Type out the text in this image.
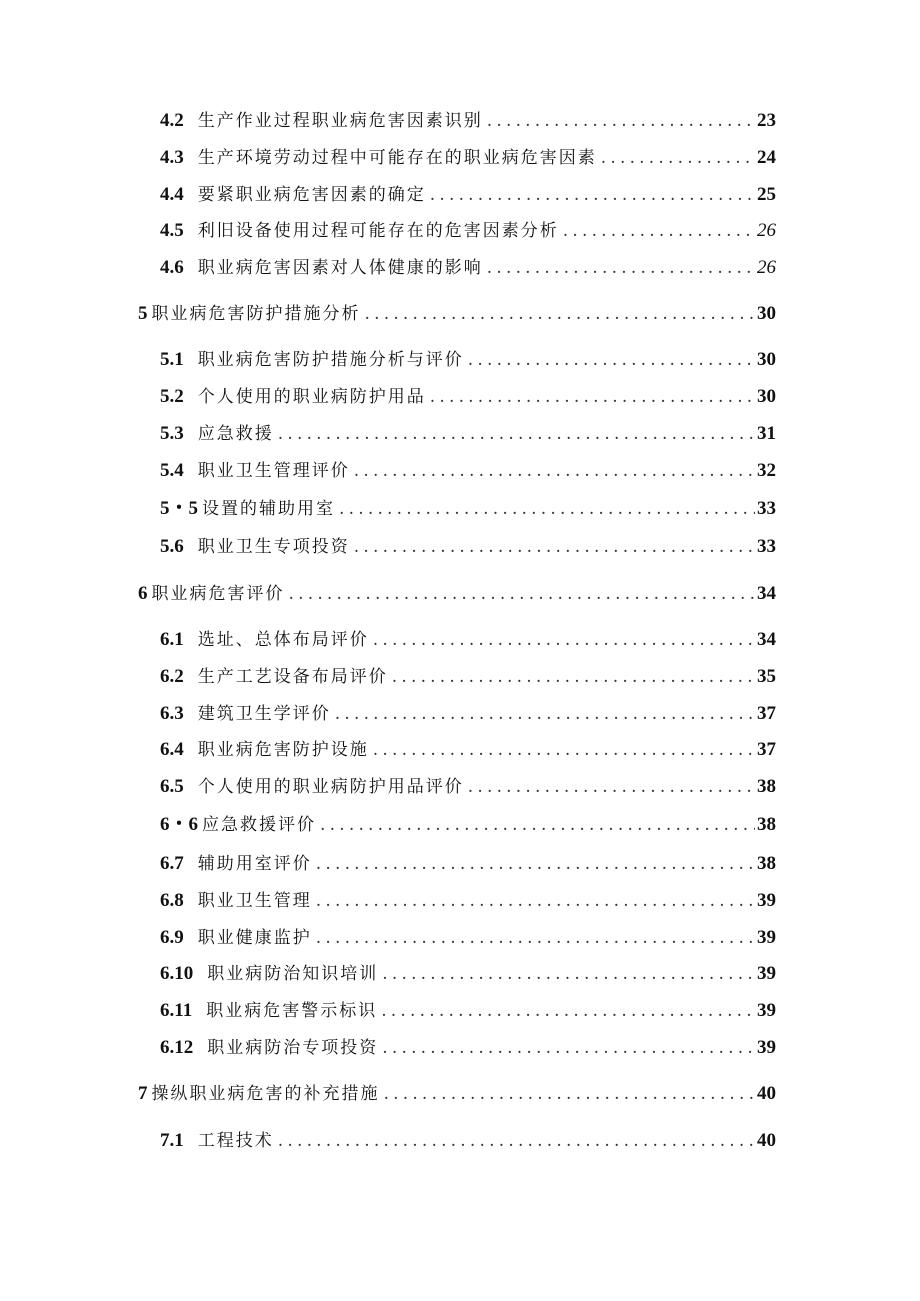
4.2 生产作业过程职业病危害因素识别 . . .	23
4.3 生产环境劳动过程中可能存在的职业病危害因素 . . .	24
4.4 要紧职业病危害因素的确定 . . .	25
4.5 利旧设备使用过程可能存在的危害因素分析 . . .	26
4.6 职业病危害因素对人体健康的影响 . . .	26
5 职业病危害防护措施分析 . . .	30
5.1 职业病危害防护措施分析与评价 . . .	30
5.2 个人使用的职业病防护用品 . . .	30
5.3 应急救援 . . .	31
5.4 职业卫生管理评价 . . .	32
5・5 设置的辅助用室 . . .	33
5.6 职业卫生专项投资 . . .	33
6 职业病危害评价 . . .	34
6.1 选址、总体布局评价 . . .	34
6.2 生产工艺设备布局评价 . . .	35
6.3 建筑卫生学评价 . . .	37
6.4 职业病危害防护设施 . . .	37
6.5 个人使用的职业病防护用品评价 . . .	38
6・6 应急救援评价 . . .	38
6.7 辅助用室评价 . . .	38
6.8 职业卫生管理 . . .	39
6.9 职业健康监护 . . .	39
6.10 职业病防治知识培训 . . .	39
6.11 职业病危害警示标识 . . .	39
6.12 职业病防治专项投资 . . .	39
7 操纵职业病危害的补充措施 . . .	40
7.1 工程技术 . . .	40
